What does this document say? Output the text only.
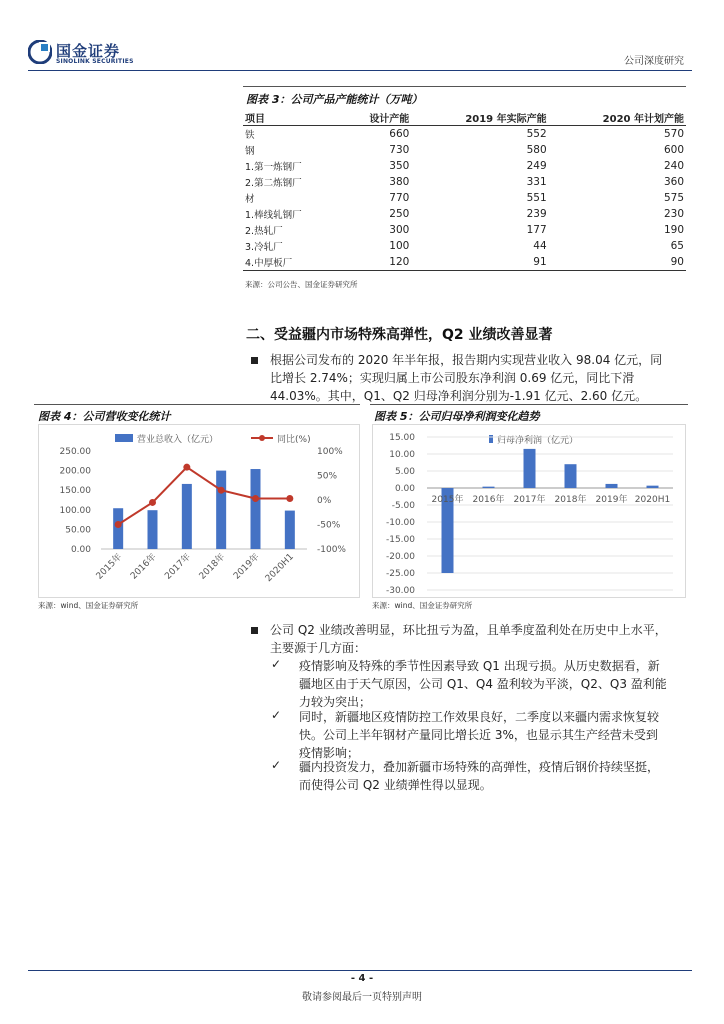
国金证券
SINOLINK SECURITIES	公司深度研究
图表 3：公司产品产能统计（万吨）
项目	设计产能	2019 年实际产能	2020 年计划产能
铁	660	552	570
钢	730	580	600
1.第一炼钢厂	350	249	240
2.第二炼钢厂	380	331	360
材	770	551	575
1.棒线轧钢厂	250	239	230
2.热轧厂	300	177	190
3.冷轧厂	100	44	65
4.中厚板厂	120	91	90
来源：公司公告、国金证券研究所
二、受益疆内市场特殊高弹性，Q2 业绩改善显著
根据公司发布的 2020 年半年报，报告期内实现营业收入 98.04 亿元，同
比增长 2.74%；实现归属上市公司股东净利润 0.69 亿元，同比下滑
44.03%。其中，Q1、Q2 归母净利润分别为-1.91 亿元、2.60 亿元。
图表 4：公司营收变化统计
营业总收入（亿元）	同比(%)
250.00
200.00
150.00
100.00
50.00
0.00
100%
50%
0%
-50%
-100%
2015年 2016年 2017年 2018年 2019年 2020H1
来源：wind、国金证券研究所
图表 5：公司归母净利润变化趋势
归母净利润（亿元）
15.00
10.00
5.00
0.00
-5.00
-10.00
-15.00
-20.00
-25.00
-30.00
2015年 2016年 2017年 2018年 2019年 2020H1
来源：wind、国金证券研究所
公司 Q2 业绩改善明显，环比扭亏为盈，且单季度盈利处在历史中上水平，
主要源于几方面：
✓ 疫情影响及特殊的季节性因素导致 Q1 出现亏损。从历史数据看，新
疆地区由于天气原因，公司 Q1、Q4 盈利较为平淡，Q2、Q3 盈利能
力较为突出；
✓ 同时，新疆地区疫情防控工作效果良好，二季度以来疆内需求恢复较
快。公司上半年钢材产量同比增长近 3%，也显示其生产经营未受到
疫情影响；
✓ 疆内投资发力，叠加新疆市场特殊的高弹性，疫情后钢价持续坚挺，
而使得公司 Q2 业绩弹性得以显现。
- 4 -
敬请参阅最后一页特别声明
